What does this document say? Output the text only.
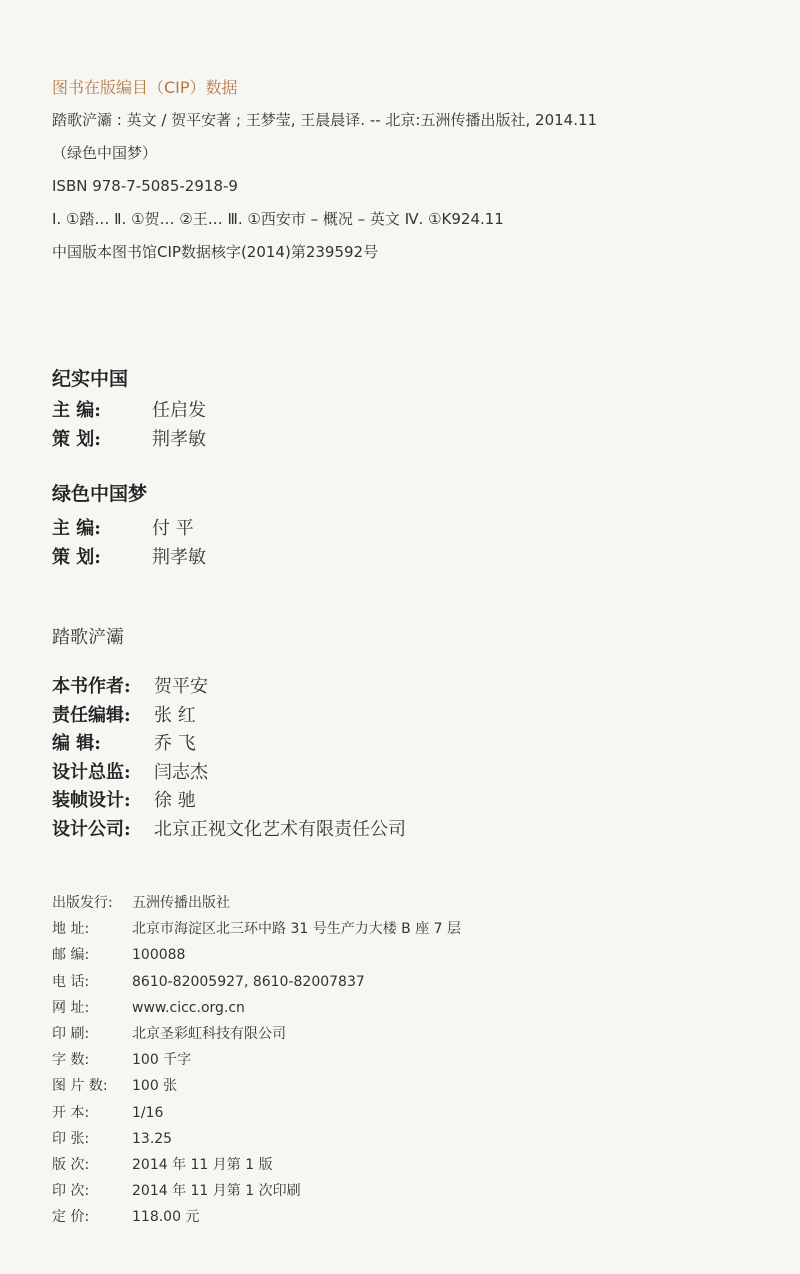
图书在版编目（CIP）数据
踏歌浐灞 : 英文 / 贺平安著 ; 王梦莹, 王晨晨译. -- 北京:五洲传播出版社, 2014.11
（绿色中国梦）
ISBN 978-7-5085-2918-9
Ⅰ. ①踏… Ⅱ. ①贺… ②王… Ⅲ. ①西安市 – 概况 – 英文 Ⅳ. ①K924.11
中国版本图书馆CIP数据核字(2014)第239592号
纪实中国
主 编:	任启发
策 划:	荆孝敏
绿色中国梦
主 编:	付 平
策 划:	荆孝敏
踏歌浐灞
本书作者: 贺平安
责任编辑: 张 红
编 辑:	乔 飞
设计总监: 闫志杰
装帧设计: 徐 驰
设计公司: 北京正视文化艺术有限责任公司
出版发行: 五洲传播出版社
地 址:	北京市海淀区北三环中路 31 号生产力大楼 B 座 7 层
邮 编:	100088
电 话:	8610-82005927, 8610-82007837
网 址:	www.cicc.org.cn
印 刷:	北京圣彩虹科技有限公司
字 数:	100 千字
图 片 数: 100 张
开 本:	1/16
印 张:	13.25
版 次:	2014 年 11 月第 1 版
印 次:	2014 年 11 月第 1 次印刷
定 价:	118.00 元
